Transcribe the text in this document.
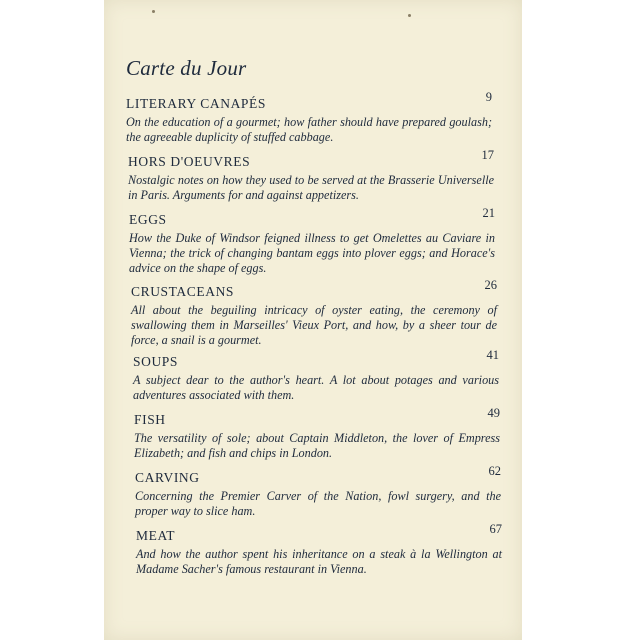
Carte du Jour
LITERARY CANAPÉS	9
On the education of a gourmet; how father should have prepared goulash; the agreeable duplicity of stuffed cabbage.
HORS D'OEUVRES	17
Nostalgic notes on how they used to be served at the Brasserie Universelle in Paris. Arguments for and against appetizers.
EGGS	21
How the Duke of Windsor feigned illness to get Omelettes au Caviare in Vienna; the trick of changing bantam eggs into plover eggs; and Horace's advice on the shape of eggs.
CRUSTACEANS	26
All about the beguiling intricacy of oyster eating, the ceremony of swallowing them in Marseilles' Vieux Port, and how, by a sheer tour de force, a snail is a gourmet.
SOUPS	41
A subject dear to the author's heart. A lot about potages and various adventures associated with them.
FISH	49
The versatility of sole; about Captain Middleton, the lover of Empress Elizabeth; and fish and chips in London.
CARVING	62
Concerning the Premier Carver of the Nation, fowl surgery, and the proper way to slice ham.
MEAT	67
And how the author spent his inheritance on a steak à la Wellington at Madame Sacher's famous restaurant in Vienna.
